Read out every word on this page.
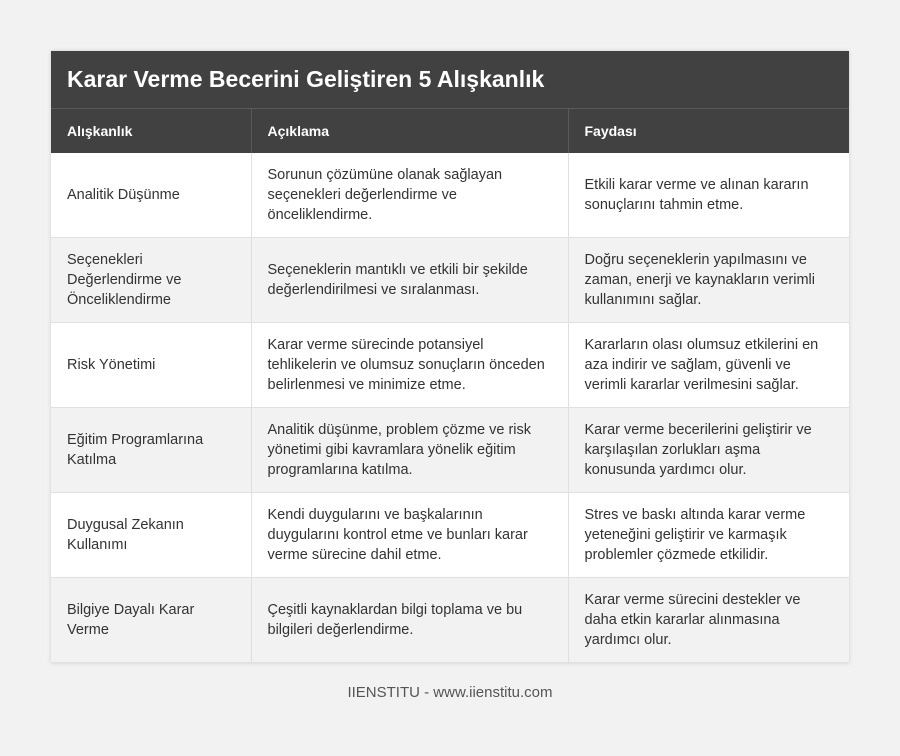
Karar Verme Becerini Geliştiren 5 Alışkanlık
Alışkanlık	Açıklama	Faydası
Analitik Düşünme	Sorunun çözümüne olanak sağlayan seçenekleri değerlendirme ve önceliklendirme.	Etkili karar verme ve alınan kararın sonuçlarını tahmin etme.
Seçenekleri Değerlendirme ve Önceliklendirme	Seçeneklerin mantıklı ve etkili bir şekilde değerlendirilmesi ve sıralanması.	Doğru seçeneklerin yapılmasını ve zaman, enerji ve kaynakların verimli kullanımını sağlar.
Risk Yönetimi	Karar verme sürecinde potansiyel tehlikelerin ve olumsuz sonuçların önceden belirlenmesi ve minimize etme.	Kararların olası olumsuz etkilerini en aza indirir ve sağlam, güvenli ve verimli kararlar verilmesini sağlar.
Eğitim Programlarına Katılma	Analitik düşünme, problem çözme ve risk yönetimi gibi kavramlara yönelik eğitim programlarına katılma.	Karar verme becerilerini geliştirir ve karşılaşılan zorlukları aşma konusunda yardımcı olur.
Duygusal Zekanın Kullanımı	Kendi duygularını ve başkalarının duygularını kontrol etme ve bunları karar verme sürecine dahil etme.	Stres ve baskı altında karar verme yeteneğini geliştirir ve karmaşık problemler çözmede etkilidir.
Bilgiye Dayalı Karar Verme	Çeşitli kaynaklardan bilgi toplama ve bu bilgileri değerlendirme.	Karar verme sürecini destekler ve daha etkin kararlar alınmasına yardımcı olur.
IIENSTITU - www.iienstitu.com
